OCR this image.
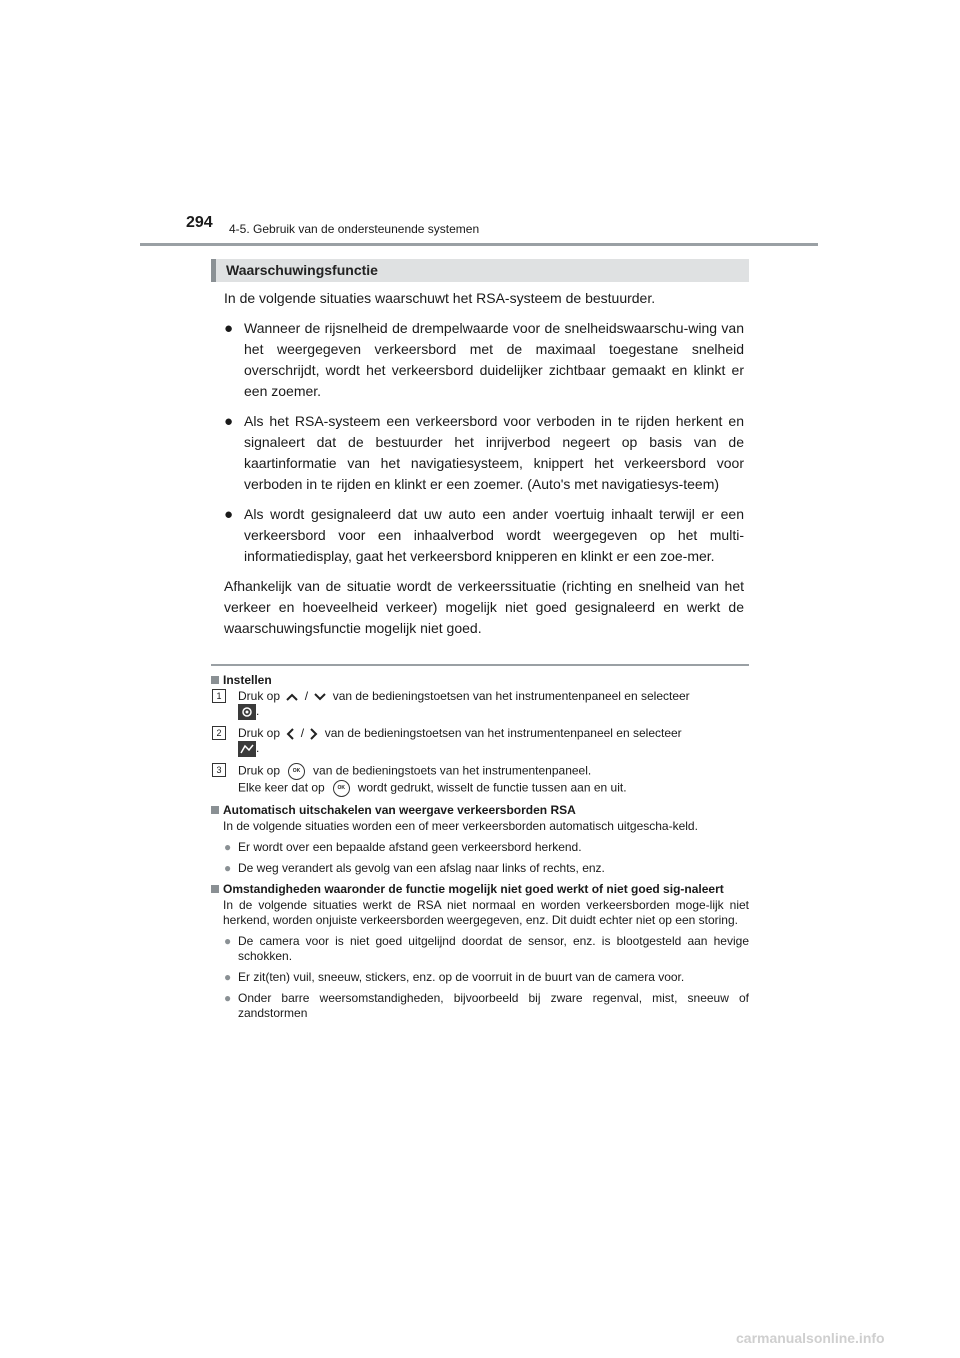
294 4-5. Gebruik van de ondersteunende systemen
Waarschuwingsfunctie

In de volgende situaties waarschuwt het RSA-systeem de bestuurder.

● Wanneer de rijsnelheid de drempelwaarde voor de snelheidswaarschu-wing van het weergegeven verkeersbord met de maximaal toegestane snelheid overschrijdt, wordt het verkeersbord duidelijker zichtbaar gemaakt en klinkt er een zoemer.
● Als het RSA-systeem een verkeersbord voor verboden in te rijden herkent en signaleert dat de bestuurder het inrijverbod negeert op basis van de kaartinformatie van het navigatiesysteem, knippert het verkeersbord voor verboden in te rijden en klinkt er een zoemer. (Auto's met navigatiesys-teem)
● Als wordt gesignaleerd dat uw auto een ander voertuig inhaalt terwijl er een verkeersbord voor een inhaalverbod wordt weergegeven op het multi-informatiedisplay, gaat het verkeersbord knipperen en klinkt er een zoe-mer.

Afhankelijk van de situatie wordt de verkeerssituatie (richting en snelheid van het verkeer en hoeveelheid verkeer) mogelijk niet goed gesignaleerd en werkt de waarschuwingsfunctie mogelijk niet goed.

Instellen
1	Druk op / van de bedieningstoetsen van het instrumentenpaneel en selecteer
.
2	Druk op / van de bedieningstoetsen van het instrumentenpaneel en selecteer
.
3	Druk op	OK van de bedieningstoets van het instrumentenpaneel.
Elke keer dat op	OK wordt gedrukt, wisselt de functie tussen aan en uit.
Automatisch uitschakelen van weergave verkeersborden RSA
In de volgende situaties worden een of meer verkeersborden automatisch uitgescha-keld.
● Er wordt over een bepaalde afstand geen verkeersbord herkend.
● De weg verandert als gevolg van een afslag naar links of rechts, enz.
Omstandigheden waaronder de functie mogelijk niet goed werkt of niet goed sig-naleert
In de volgende situaties werkt de RSA niet normaal en worden verkeersborden moge-lijk niet herkend, worden onjuiste verkeersborden weergegeven, enz. Dit duidt echter niet op een storing.
● De camera voor is niet goed uitgelijnd doordat de sensor, enz. is blootgesteld aan hevige schokken.
● Er zit(ten) vuil, sneeuw, stickers, enz. op de voorruit in de buurt van de camera voor.
● Onder barre weersomstandigheden, bijvoorbeeld bij zware regenval, mist, sneeuw of zandstormen
carmanualsonline.info
